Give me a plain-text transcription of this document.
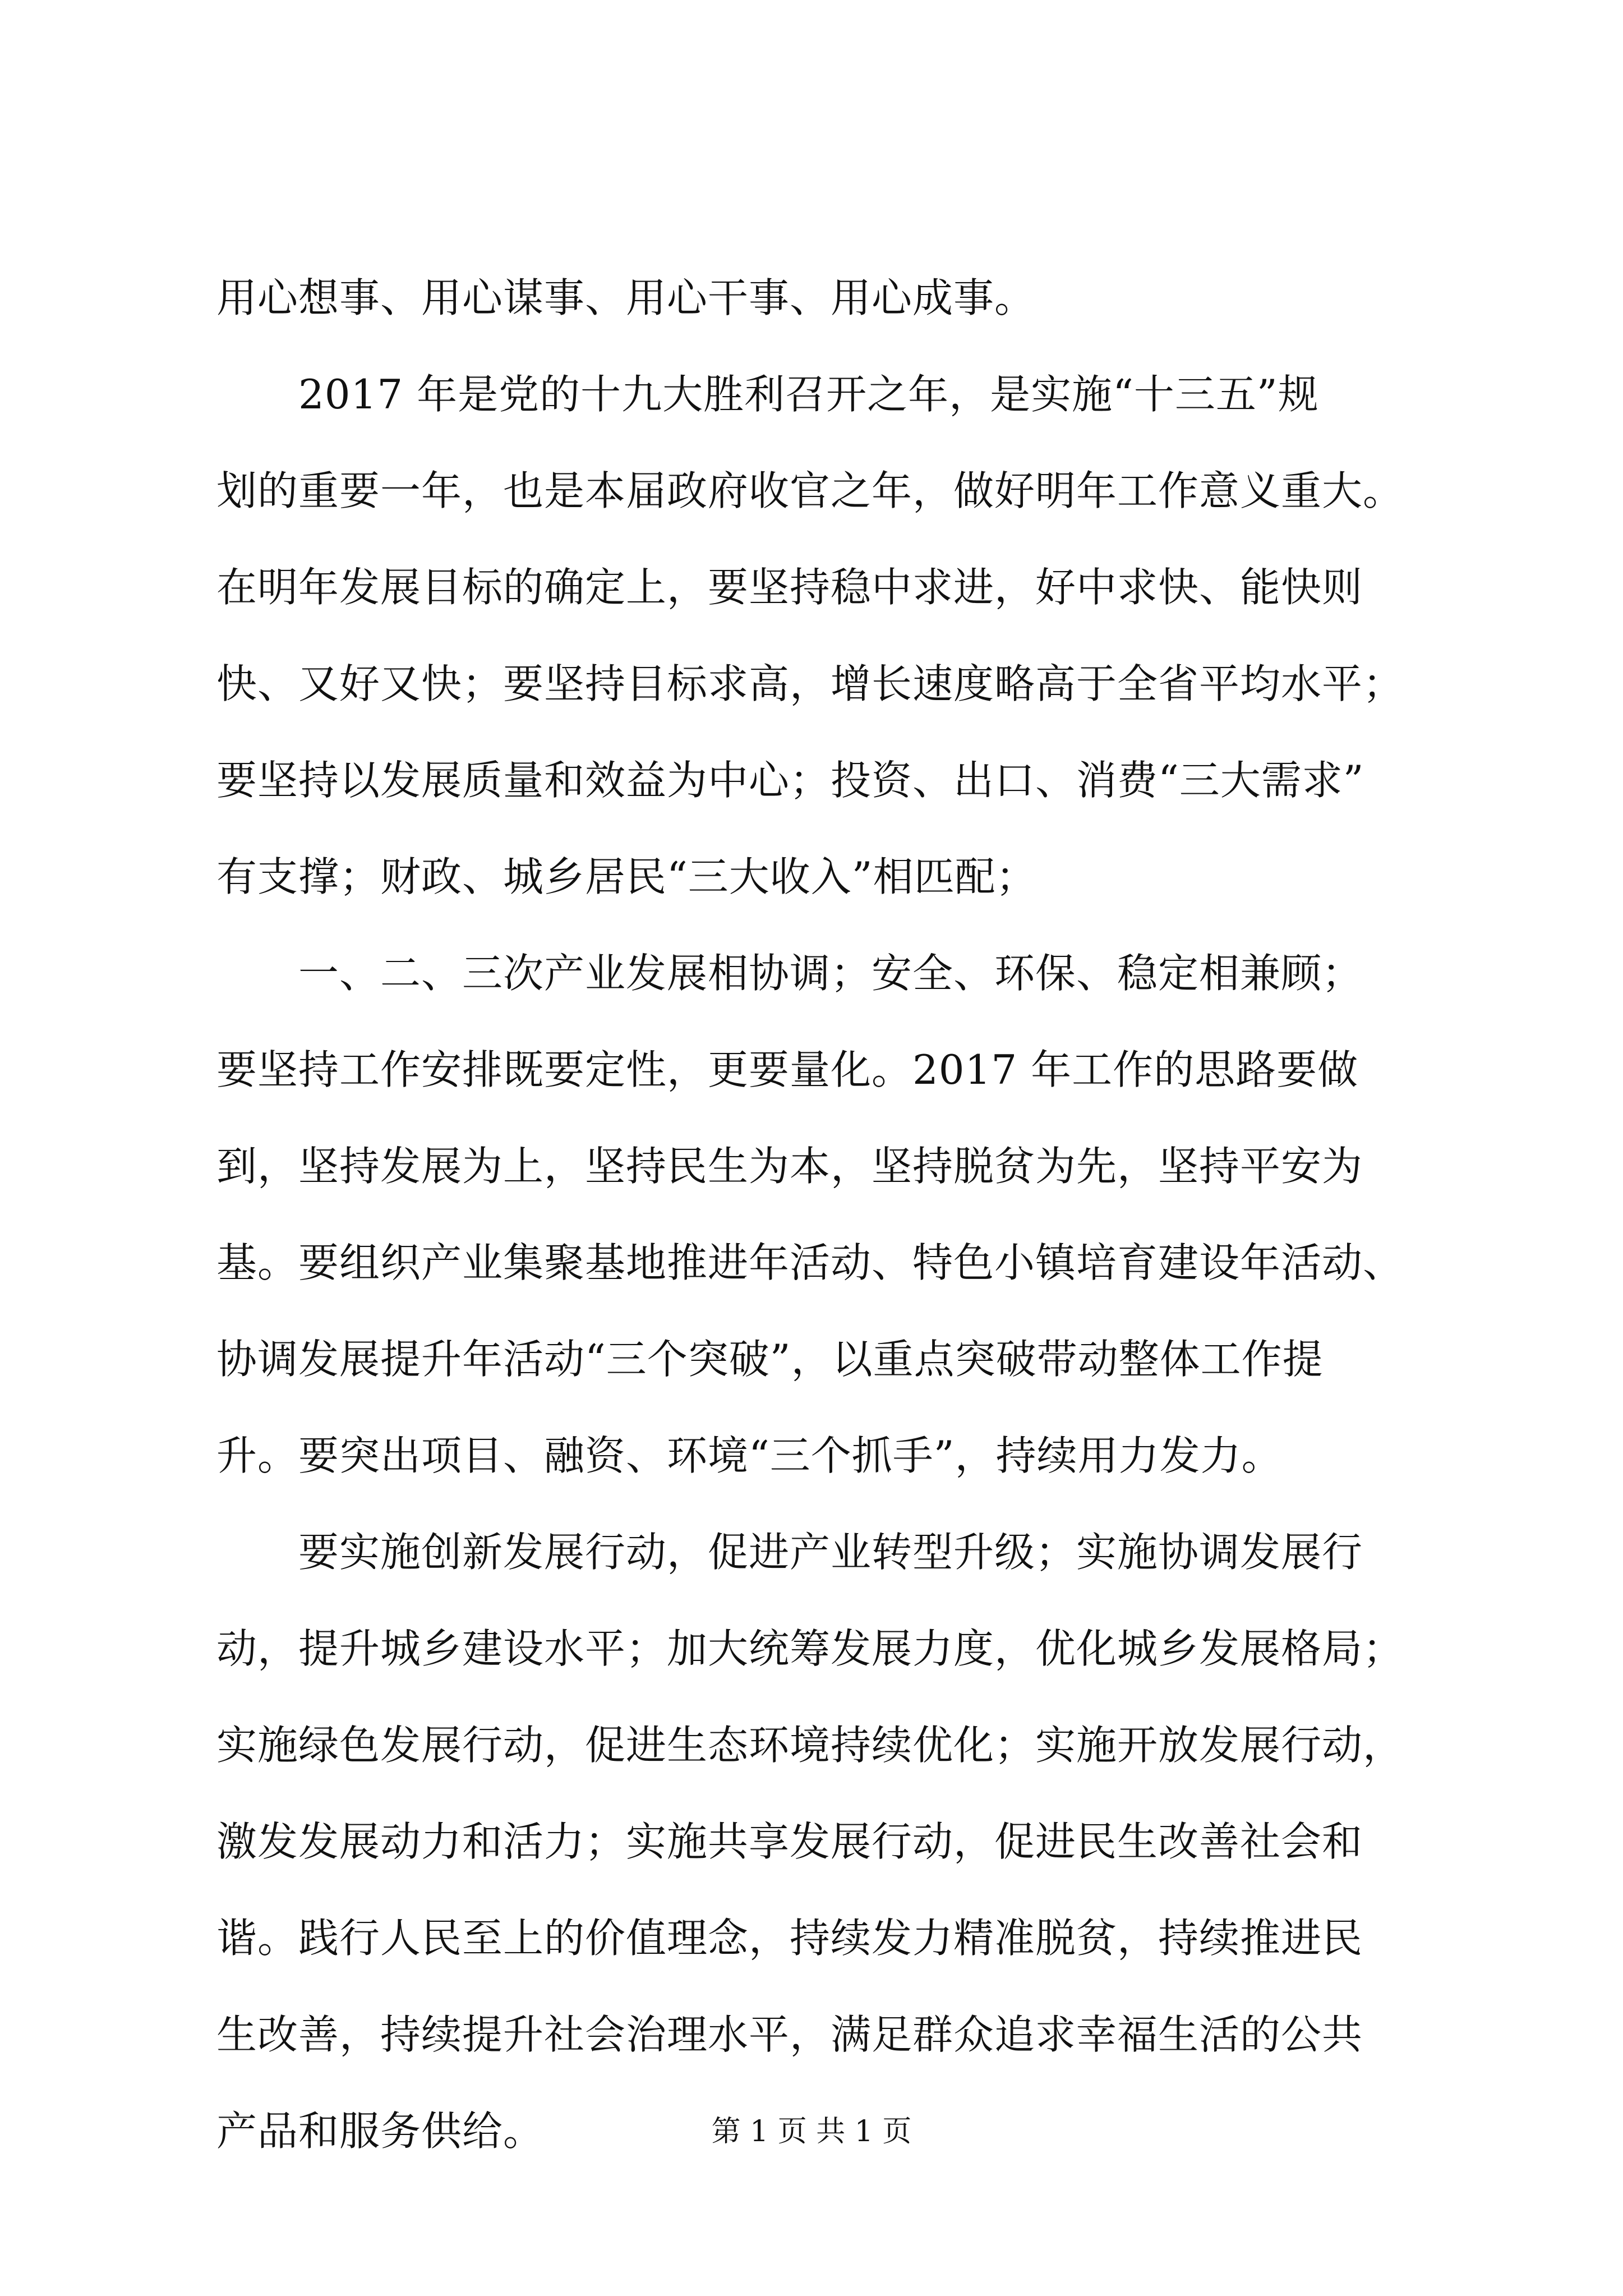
用心想事、用心谋事、用心干事、用心成事。
　　2017 年是党的十九大胜利召开之年，是实施“十三五”规
划的重要一年，也是本届政府收官之年，做好明年工作意义重大。
在明年发展目标的确定上，要坚持稳中求进，好中求快、能快则
快、又好又快；要坚持目标求高，增长速度略高于全省平均水平；
要坚持以发展质量和效益为中心；投资、出口、消费“三大需求”
有支撑；财政、城乡居民“三大收入”相匹配；
　　一、二、三次产业发展相协调；安全、环保、稳定相兼顾；
要坚持工作安排既要定性，更要量化。2017 年工作的思路要做
到，坚持发展为上，坚持民生为本，坚持脱贫为先，坚持平安为
基。要组织产业集聚基地推进年活动、特色小镇培育建设年活动、
协调发展提升年活动“三个突破”，以重点突破带动整体工作提
升。要突出项目、融资、环境“三个抓手”，持续用力发力。
　　要实施创新发展行动，促进产业转型升级；实施协调发展行
动，提升城乡建设水平；加大统筹发展力度，优化城乡发展格局；
实施绿色发展行动，促进生态环境持续优化；实施开放发展行动，
激发发展动力和活力；实施共享发展行动，促进民生改善社会和
谐。践行人民至上的价值理念，持续发力精准脱贫，持续推进民
生改善，持续提升社会治理水平，满足群众追求幸福生活的公共
产品和服务供给。	第 1 页 共 1 页
